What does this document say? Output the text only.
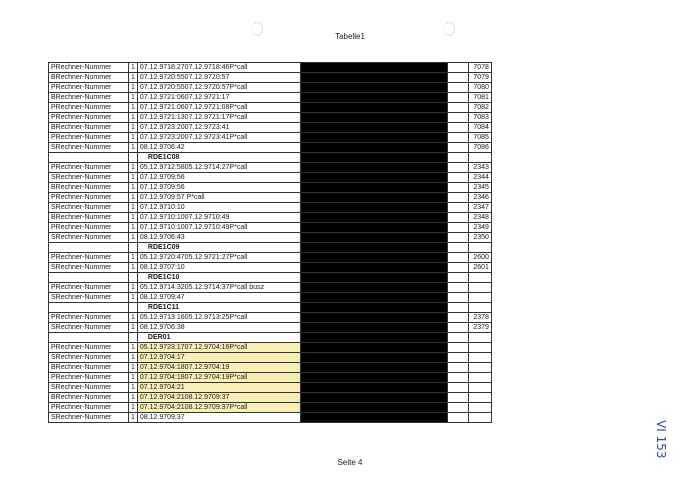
Tabelle1
PRechner-Nummer	1	07.12.9718:2707.12.9718:46P*call			7078
BRechner-Nummer	1	07.12.9720:5507.12.9720:57			7079
PRechner-Nummer	1	07.12.9720:5507.12.9720:57P*call			7080
BRechner-Nummer	1	07.12.9721:0607.12.9721:17			7081
PRechner-Nummer	1	07.12.9721:0607.12.9721:08P*call			7082
PRechner-Nummer	1	07.12.9721:1307.12.9721:17P*call			7083
BRechner-Nummer	1	07.12.9723:2007.12.9723:41			7084
PRechner-Nummer	1	07.12.9723:2007.12.9723:41P*call			7085
SRechner-Nummer	1	08.12.9706:42			7086
		RDE1C08			
PRechner-Nummer	1	05.12.9712:5805.12.9714:27P*call			2343
SRechner-Nummer	1	07.12.9709:56			2344
BRechner-Nummer	1	07.12.9709:56			2345
PRechner-Nummer	1	07.12.9709:57 P*call			2346
SRechner-Nummer	1	07.12.9710:10			2347
BRechner-Nummer	1	07.12.9710:1007.12.9710:49			2348
PRechner-Nummer	1	07.12.9710:1007.12.9710:49P*call			2349
SRechner-Nummer	1	08.12.9706:43			2350
		RDE1C09			
PRechner-Nummer	1	05.12.9720:4705.12.9721:27P*call			2600
SRechner-Nummer	1	08.12.9707:10			2601
		RDE1C10			
PRechner-Nummer	1	05.12.9714:3205.12.9714:37P*call busz			
SRechner-Nummer	1	08.12.9709:47			
		RDE1C11			
PRechner-Nummer	1	05.12.9713:1605.12.9713:25P*call			2378
SRechner-Nummer	1	08.12.9706:38			2379
		DER01			
PRechner-Nummer	1	05.12.9723:1707.12.9704:16P*call			
SRechner-Nummer	1	07.12.9704:17			
BRechner-Nummer	1	07.12.9704:1807.12.9704:19			
PRechner-Nummer	1	07.12.9704:1807.12.9704:19P*call			
SRechner-Nummer	1	07.12.9704:21			
BRechner-Nummer	1	07.12.9704:2108.12.9709:37			
PRechner-Nummer	1	07.12.9704:2108.12.9709:37P*call			
SRechner-Nummer	1	08.12.9709:37			
VI 153
Seite 4
